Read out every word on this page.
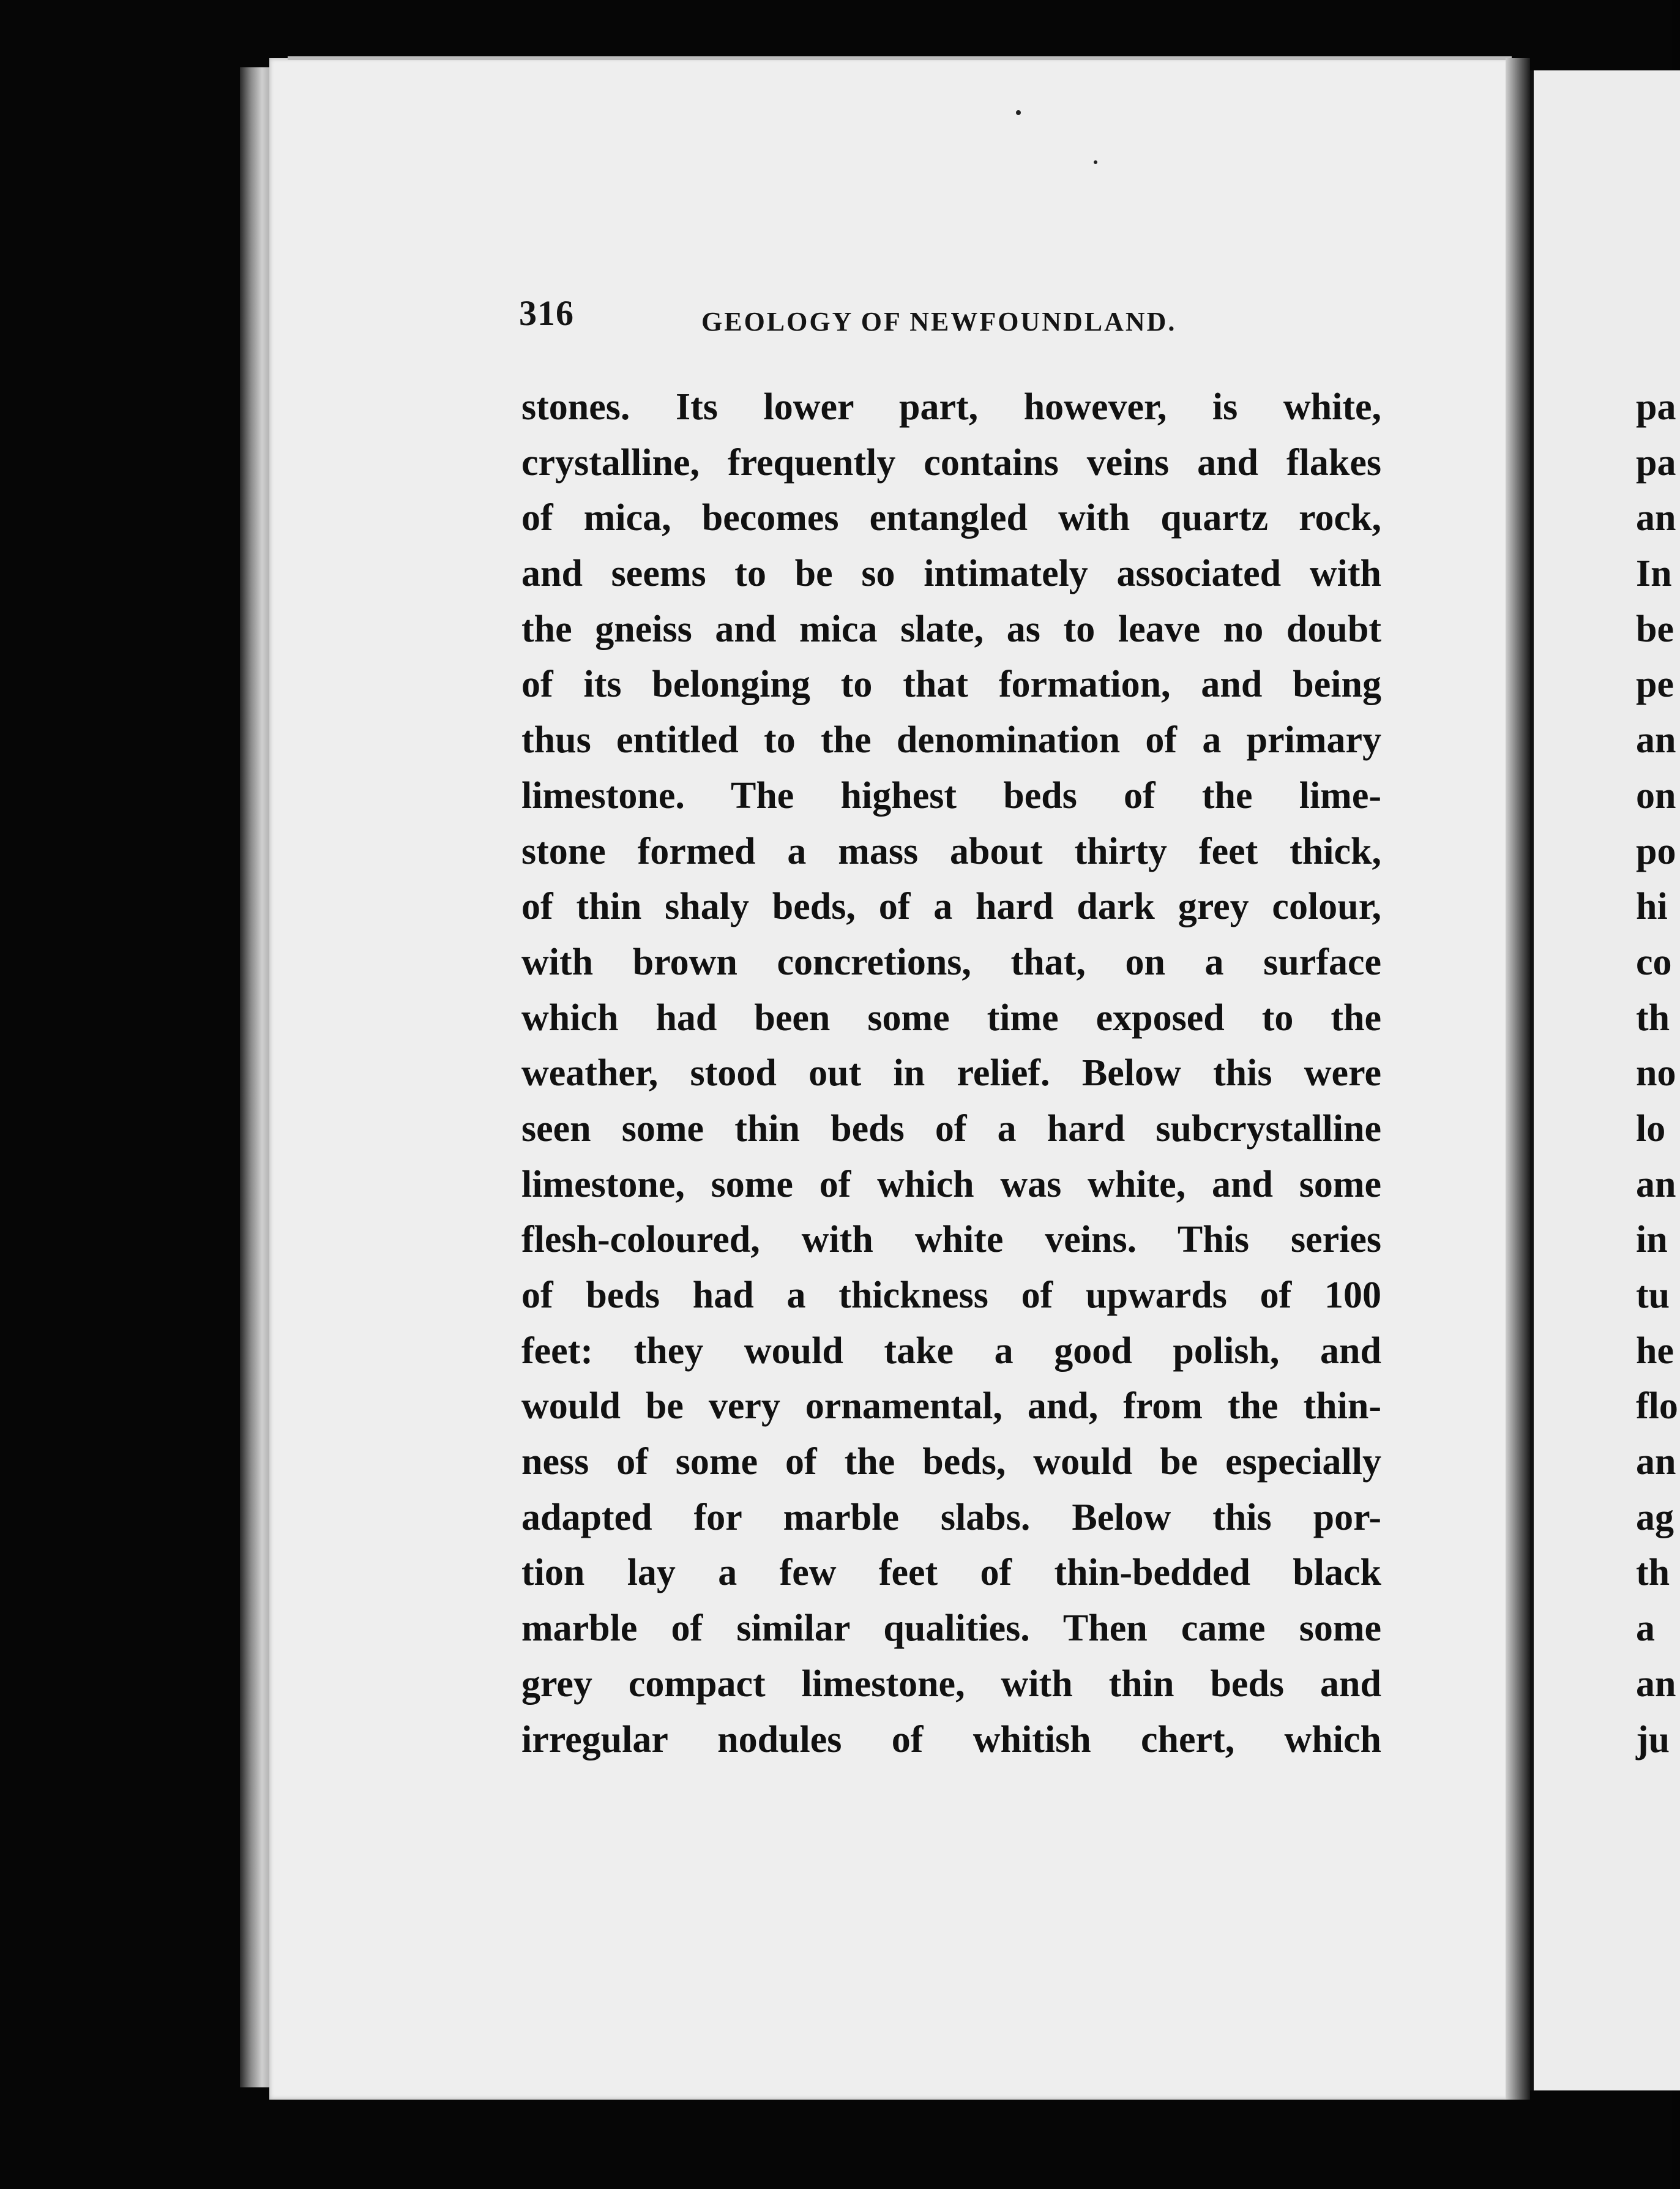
316	GEOLOGY OF NEWFOUNDLAND.
stones. Its lower part, however, is white,
crystalline, frequently contains veins and flakes
of mica, becomes entangled with quartz rock,
and seems to be so intimately associated with
the gneiss and mica slate, as to leave no doubt
of its belonging to that formation, and being
thus entitled to the denomination of a primary
limestone. The highest beds of the lime-
stone formed a mass about thirty feet thick,
of thin shaly beds, of a hard dark grey colour,
with brown concretions, that, on a surface
which had been some time exposed to the
weather, stood out in relief. Below this were
seen some thin beds of a hard subcrystalline
limestone, some of which was white, and some
flesh-coloured, with white veins. This series
of beds had a thickness of upwards of 100
feet: they would take a good polish, and
would be very ornamental, and, from the thin-
ness of some of the beds, would be especially
adapted for marble slabs. Below this por-
tion lay a few feet of thin-bedded black
marble of similar qualities. Then came some
grey compact limestone, with thin beds and
irregular nodules of whitish chert, which
pa
pa
an
In
be
pe
an
on
po
hi
co
th
no
lo
an
in
tu
he
flo
an
ag
th
a
an
ju
